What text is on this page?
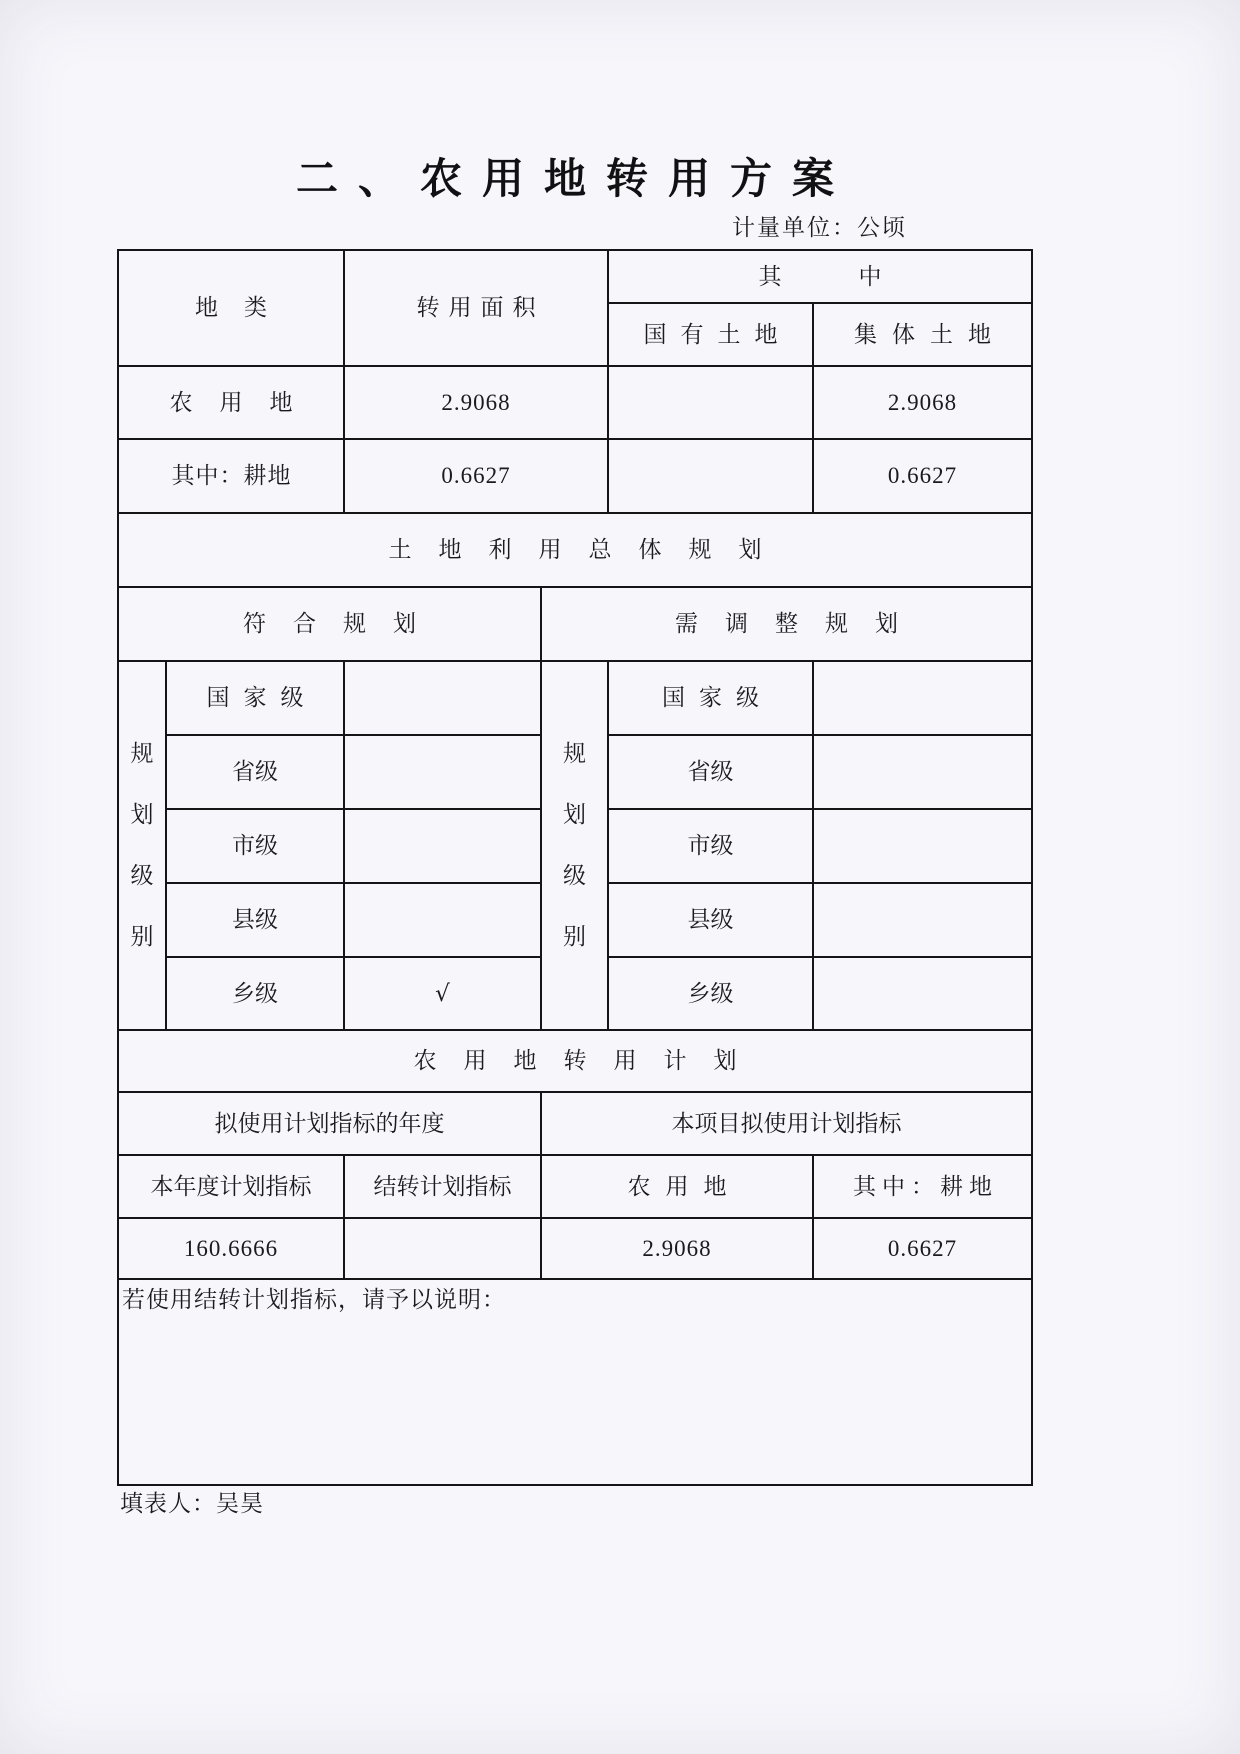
二、农用地转用方案
计量单位：公顷
地类		转用面积		其中	
				国有土地	集体土地
农用地		2.9068			2.9068
其中：耕地		0.6627			0.6627
土地利用总体规划					
符合规划			需调整规划		

规划级别	国家级		规划级别	国家级	
	省级			省级	
	市级			市级	
	县级			县级	
	乡级	√		乡级	
农用地转用计划					
拟使用计划指标的年度			本项目拟使用计划指标		
本年度计划指标		结转计划指标	农用地		其中：耕地
160.6666			2.9068		0.6627

若使用结转计划指标，请予以说明：					
填表人：吴昊
